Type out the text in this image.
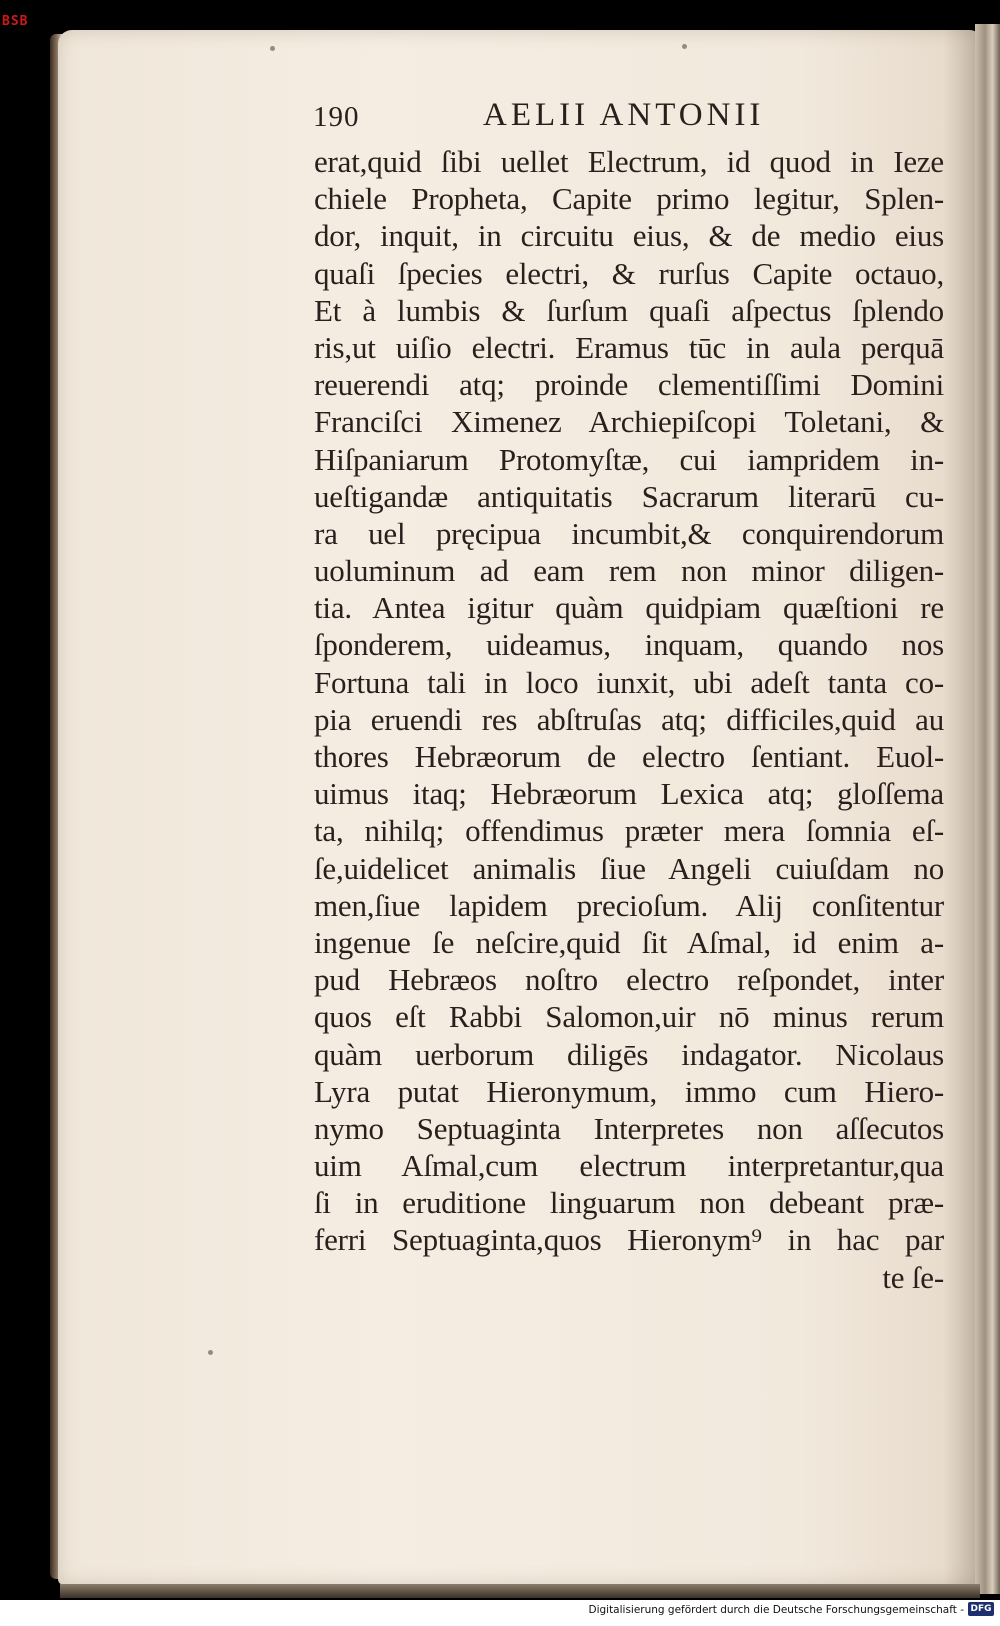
BSB
190	AELII ANTONII
erat,quid ſibi uellet Electrum, id quod in Ieze
chiele Propheta, Capite primo legitur, Splen-
dor, inquit, in circuitu eius, & de medio eius
quaſi ſpecies electri, & rurſus Capite octauo,
Et à lumbis & ſurſum quaſi aſpectus ſplendo
ris,ut uiſio electri. Eramus tūc in aula perquā
reuerendi atq; proinde clementiſſimi Domini
Franciſci Ximenez Archiepiſcopi Toletani, &
Hiſpaniarum Protomyſtæ, cui iampridem in-
ueſtigandæ antiquitatis Sacrarum literarū cu-
ra uel pręcipua incumbit,& conquirendorum
uoluminum ad eam rem non minor diligen-
tia. Antea igitur quàm quidpiam quæſtioni re
ſponderem, uideamus, inquam, quando nos
Fortuna tali in loco iunxit, ubi adeſt tanta co-
pia eruendi res abſtruſas atq; difficiles,quid au
thores Hebræorum de electro ſentiant. Euol-
uimus itaq; Hebræorum Lexica atq; gloſſema
ta, nihilq; offendimus præter mera ſomnia eſ-
ſe,uidelicet animalis ſiue Angeli cuiuſdam no
men,ſiue lapidem precioſum. Alij conſitentur
ingenue ſe neſcire,quid ſit Aſmal, id enim a-
pud Hebræos noſtro electro reſpondet, inter
quos eſt Rabbi Salomon,uir nō minus rerum
quàm uerborum diligēs indagator. Nicolaus
Lyra putat Hieronymum, immo cum Hiero-
nymo Septuaginta Interpretes non aſſecutos
uim Aſmal,cum electrum interpretantur,qua
ſi in eruditione linguarum non debeant præ-
ferri Septuaginta,quos Hieronym⁹ in hac par
te ſe-
Digitalisierung gefördert durch die Deutsche Forschungsgemeinschaft - DFG
